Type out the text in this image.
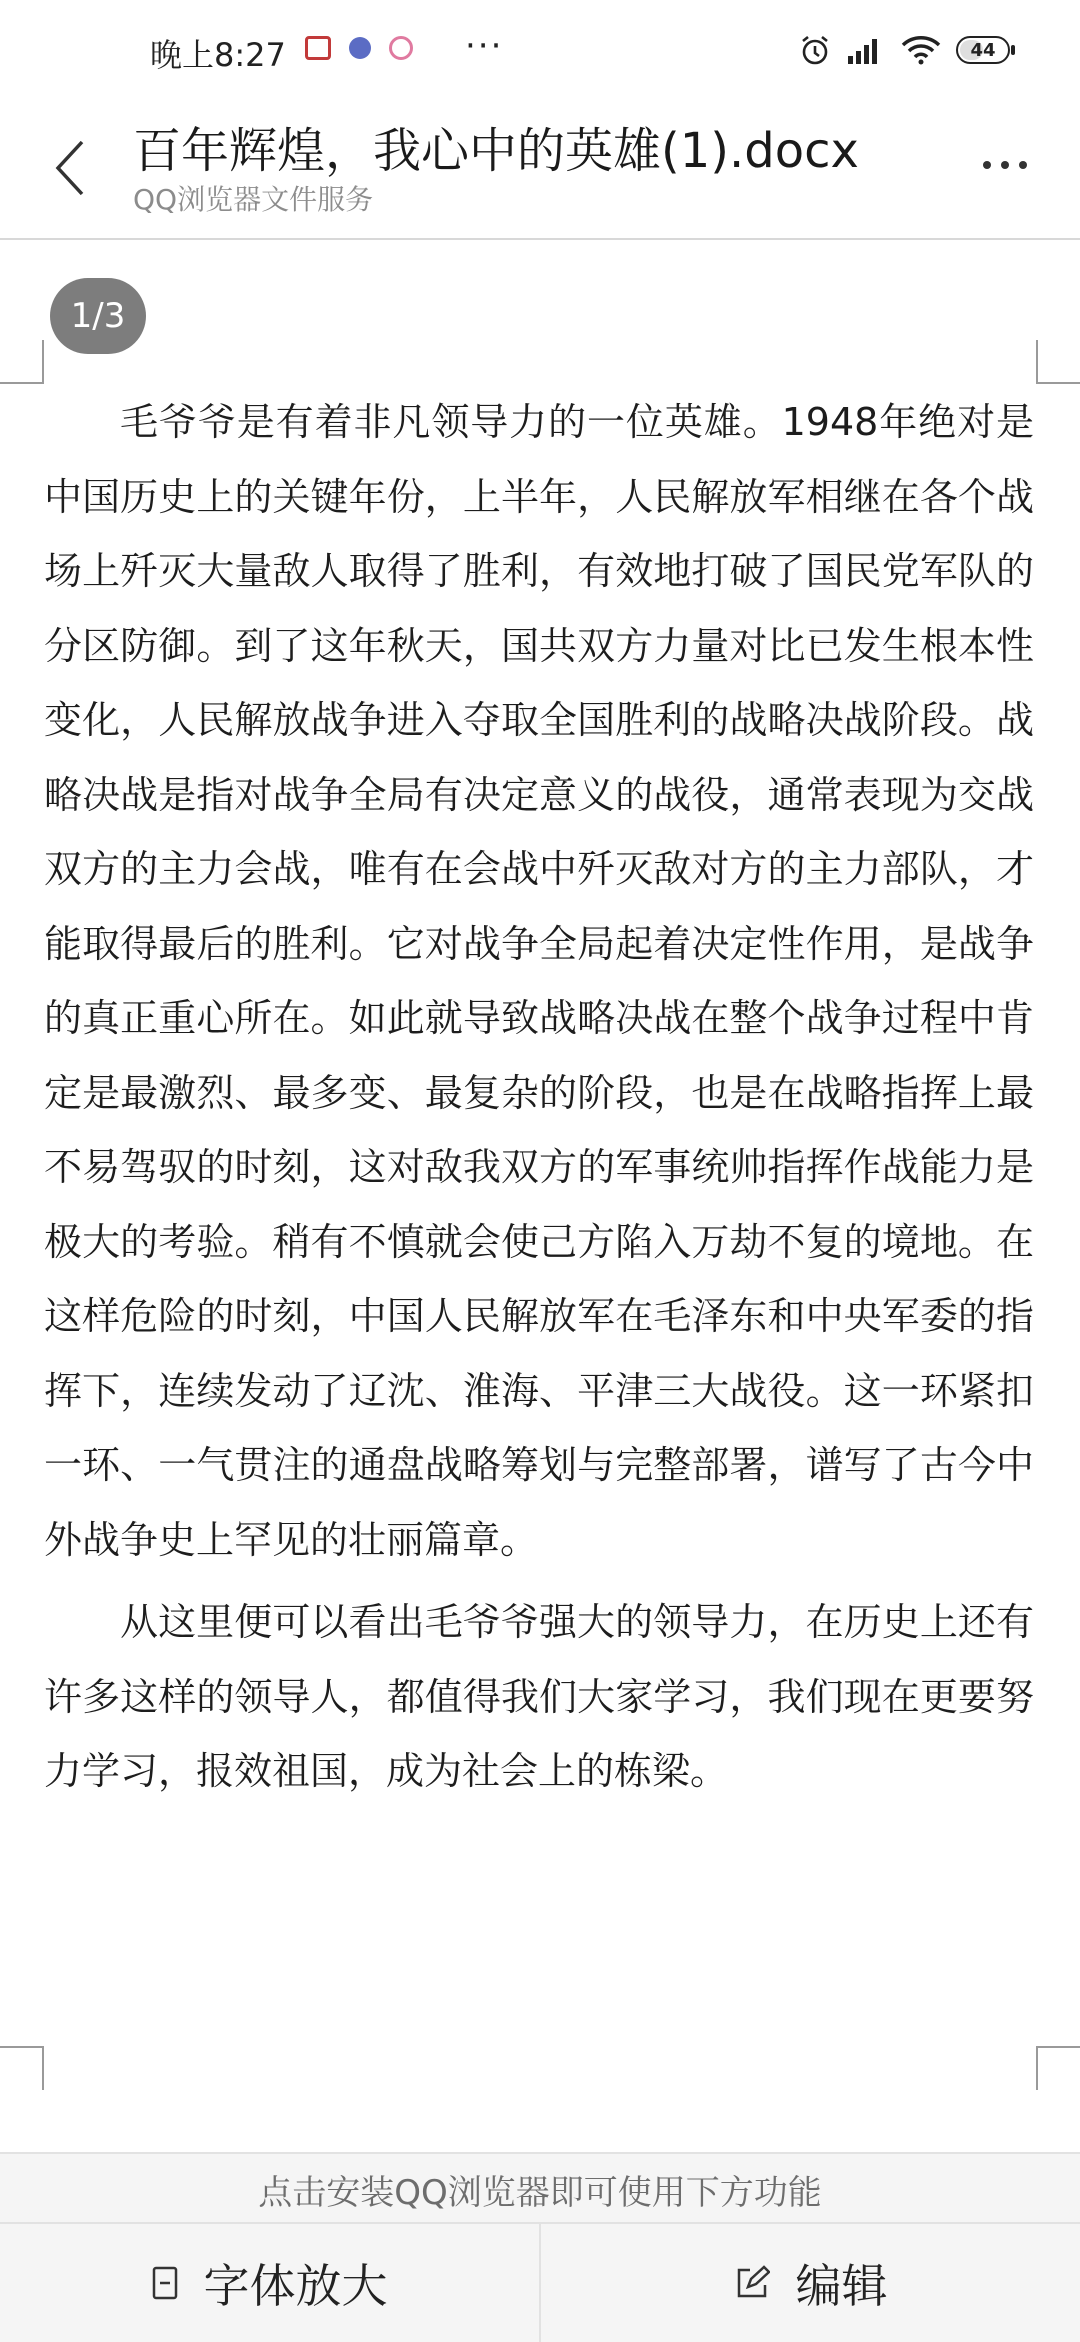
晚上8:27	···	44
百年辉煌，我心中的英雄(1).docx
QQ浏览器文件服务
1/3

毛爷爷是有着非凡领导力的一位英雄。1948年绝对是中国历史上的关键年份，上半年，人民解放军相继在各个战场上歼灭大量敌人取得了胜利，有效地打破了国民党军队的分区防御。到了这年秋天，国共双方力量对比已发生根本性变化，人民解放战争进入夺取全国胜利的战略决战阶段。战略决战是指对战争全局有决定意义的战役，通常表现为交战双方的主力会战，唯有在会战中歼灭敌对方的主力部队，才能取得最后的胜利。它对战争全局起着决定性作用，是战争的真正重心所在。如此就导致战略决战在整个战争过程中肯定是最激烈、最多变、最复杂的阶段，也是在战略指挥上最不易驾驭的时刻，这对敌我双方的军事统帅指挥作战能力是极大的考验。稍有不慎就会使己方陷入万劫不复的境地。在这样危险的时刻，中国人民解放军在毛泽东和中央军委的指挥下，连续发动了辽沈、淮海、平津三大战役。这一环紧扣一环、一气贯注的通盘战略筹划与完整部署，谱写了古今中外战争史上罕见的壮丽篇章。

从这里便可以看出毛爷爷强大的领导力，在历史上还有许多这样的领导人，都值得我们大家学习，我们现在更要努力学习，报效祖国，成为社会上的栋梁。

点击安装QQ浏览器即可使用下方功能
字体放大	编辑
